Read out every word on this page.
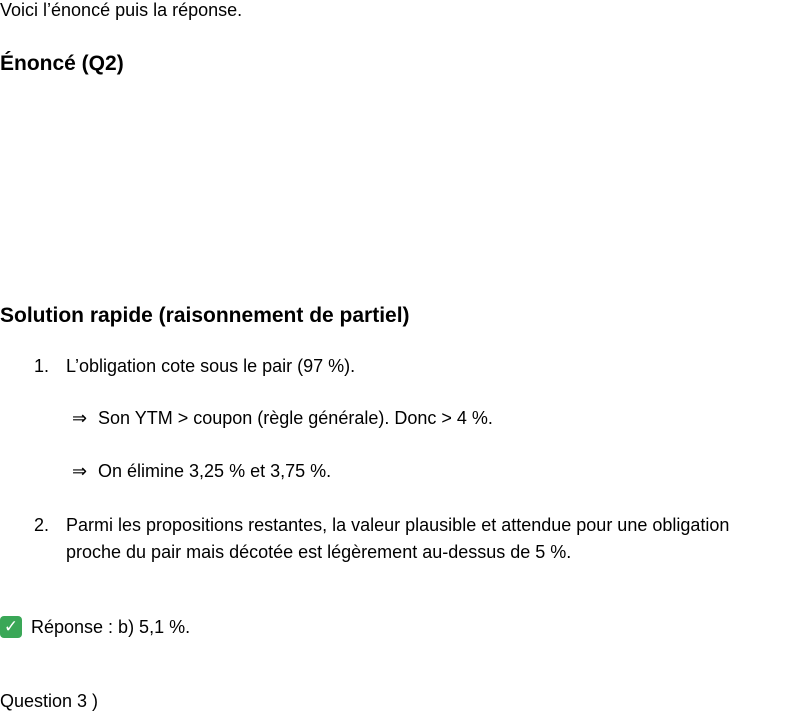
Voici l’énoncé puis la réponse.
Énoncé (Q2)
Solution rapide (raisonnement de partiel)
1. L’obligation cote sous le pair (97 %).
⇒ Son YTM > coupon (règle générale). Donc > 4 %.
⇒ On élimine 3,25 % et 3,75 %.
2. Parmi les propositions restantes, la valeur plausible et attendue pour une obligation
proche du pair mais décotée est légèrement au-dessus de 5 %.
✓ Réponse : b) 5,1 %.
Question 3 )
